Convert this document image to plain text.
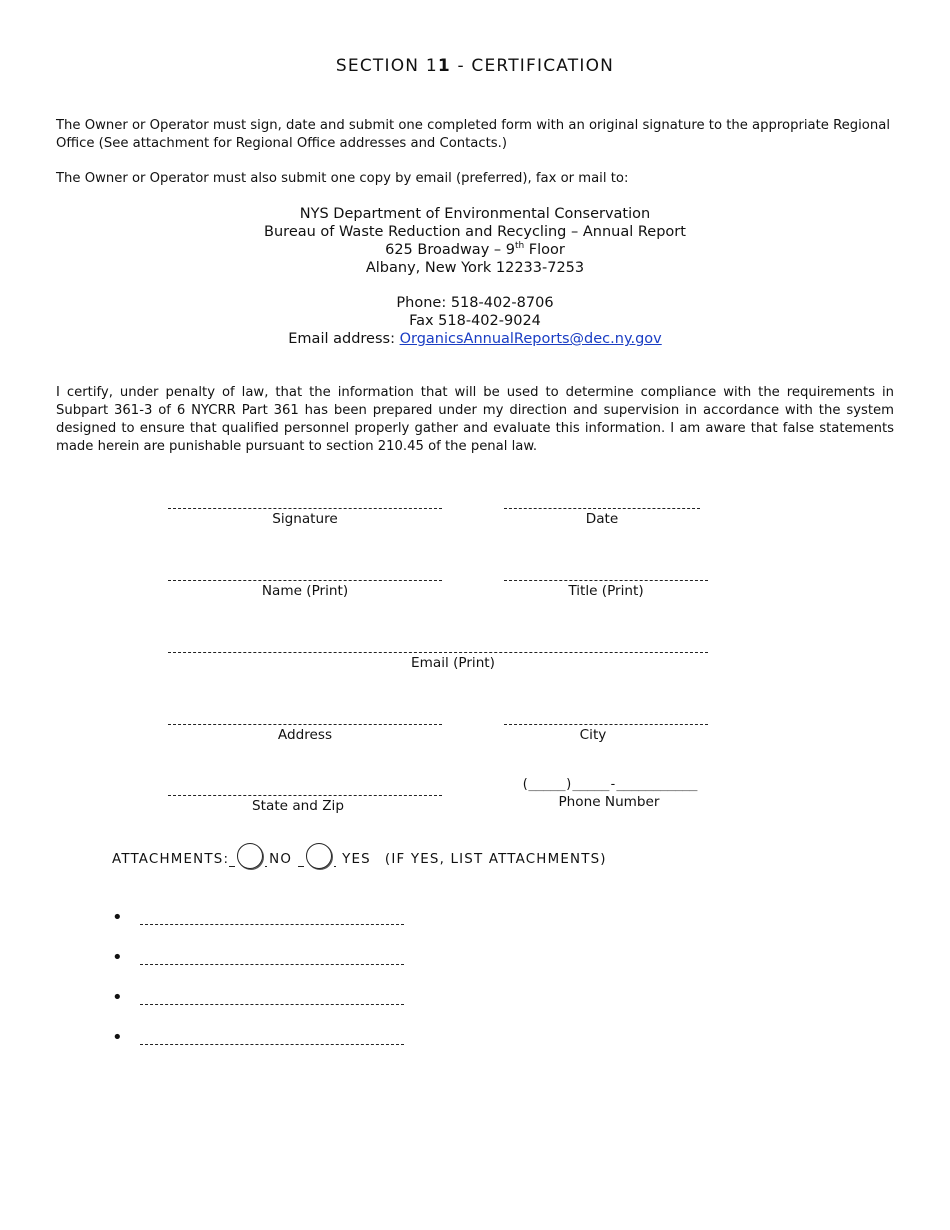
SECTION 11 - CERTIFICATION
The Owner or Operator must sign, date and submit one completed form with an original signature to the appropriate Regional Office (See attachment for Regional Office addresses and Contacts.)
The Owner or Operator must also submit one copy by email (preferred), fax or mail to:
NYS Department of Environmental Conservation
Bureau of Waste Reduction and Recycling – Annual Report
625 Broadway – 9th Floor
Albany, New York 12233-7253
Phone: 518-402-8706
Fax 518-402-9024
Email address: OrganicsAnnualReports@dec.ny.gov
I certify, under penalty of law, that the information that will be used to determine compliance with the requirements in Subpart 361-3 of 6 NYCRR Part 361 has been prepared under my direction and supervision in accordance with the system designed to ensure that qualified personnel properly gather and evaluate this information. I am aware that false statements made herein are punishable pursuant to section 210.45 of the penal law.
Signature	Date
Name (Print)	Title (Print)
Email (Print)
Address	City
State and Zip
(_____)_____-___________
Phone Number
ATTACHMENTS:	NO	YES (IF YES, LIST ATTACHMENTS)
•
•
•
•
